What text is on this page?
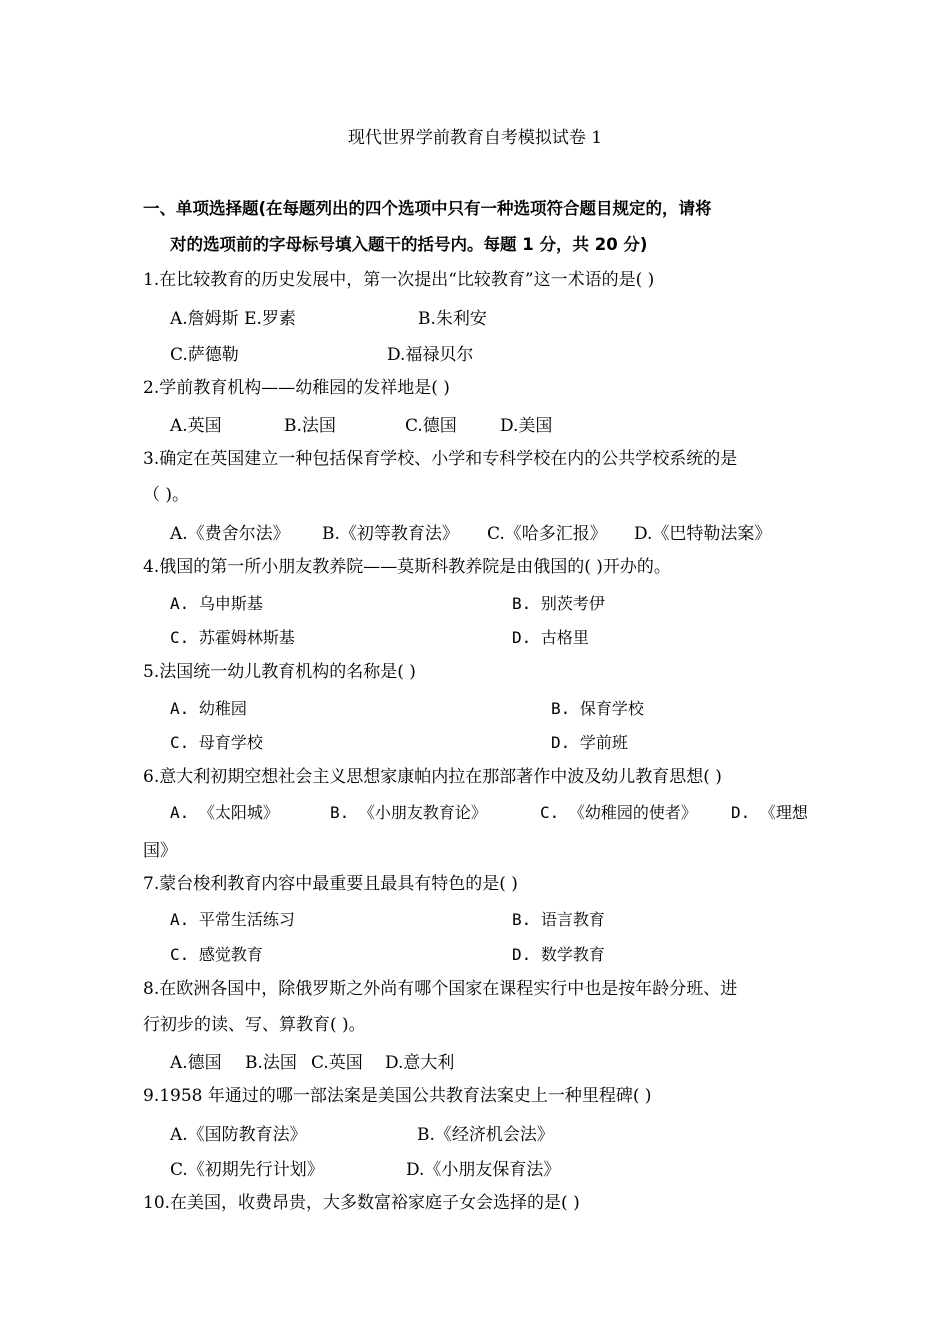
现代世界学前教育自考模拟试卷 1
一、单项选择题(在每题列出的四个选项中只有一种选项符合题目规定的，请将
对的选项前的字母标号填入题干的括号内。每题 1 分，共 20 分)
1.在比较教育的历史发展中，第一次提出“比较教育”这一术语的是( )
A.詹姆斯 E.罗素	B.朱利安
C.萨德勒	D.福禄贝尔
2.学前教育机构——幼稚园的发祥地是( )
A.英国	B.法国	C.德国	D.美国
3.确定在英国建立一种包括保育学校、小学和专科学校在内的公共学校系统的是
（ )。
A.《费舍尔法》 B.《初等教育法》 C.《哈多汇报》 D.《巴特勒法案》
4.俄国的第一所小朋友教养院——莫斯科教养院是由俄国的( )开办的。
A. 乌申斯基	B. 别茨考伊
C. 苏霍姆林斯基	D. 古格里
5.法国统一幼儿教育机构的名称是( )
A. 幼稚园	B. 保育学校
C. 母育学校	D. 学前班
6.意大利初期空想社会主义思想家康帕内拉在那部著作中波及幼儿教育思想( )
A. 《太阳城》	B. 《小朋友教育论》	C. 《幼稚园的使者》 D. 《理想
国》
7.蒙台梭利教育内容中最重要且最具有特色的是( )
A. 平常生活练习	B. 语言教育
C. 感觉教育	D. 数学教育
8.在欧洲各国中，除俄罗斯之外尚有哪个国家在课程实行中也是按年龄分班、进
行初步的读、写、算教育( )。
A.德国 B.法国 C.英国 D.意大利
9.1958 年通过的哪一部法案是美国公共教育法案史上一种里程碑( )
A.《国防教育法》	B.《经济机会法》
C.《初期先行计划》	D.《小朋友保育法》
10.在美国，收费昂贵，大多数富裕家庭子女会选择的是( )
